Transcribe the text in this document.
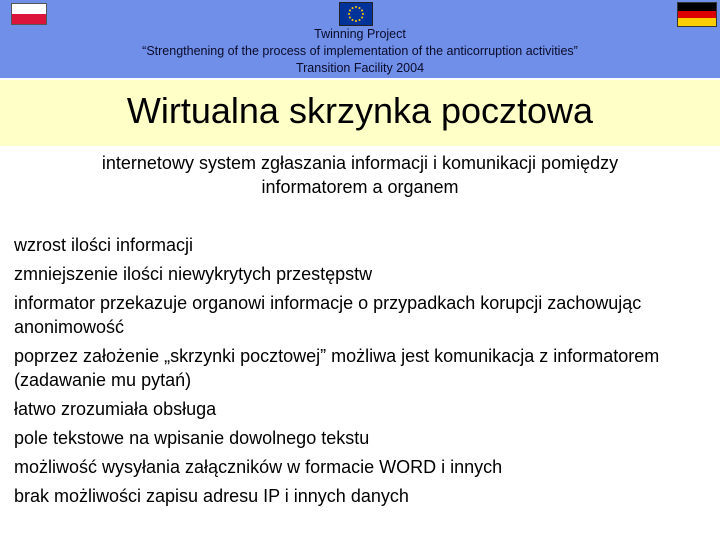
Twinning Project
“Strengthening of the process of implementation of the anticorruption activities”
Transition Facility 2004
Wirtualna skrzynka pocztowa
internetowy system zgłaszania informacji i komunikacji pomiędzy informatorem a organem
wzrost ilości informacji
zmniejszenie ilości niewykrytych przestępstw
informator przekazuje organowi informacje o przypadkach korupcji zachowując anonimowość
poprzez założenie „skrzynki pocztowej” możliwa jest komunikacja z informatorem (zadawanie mu pytań)
łatwo zrozumiała obsługa
pole tekstowe na wpisanie dowolnego tekstu
możliwość wysyłania załączników w formacie WORD i innych
brak możliwości zapisu adresu IP i innych danych
